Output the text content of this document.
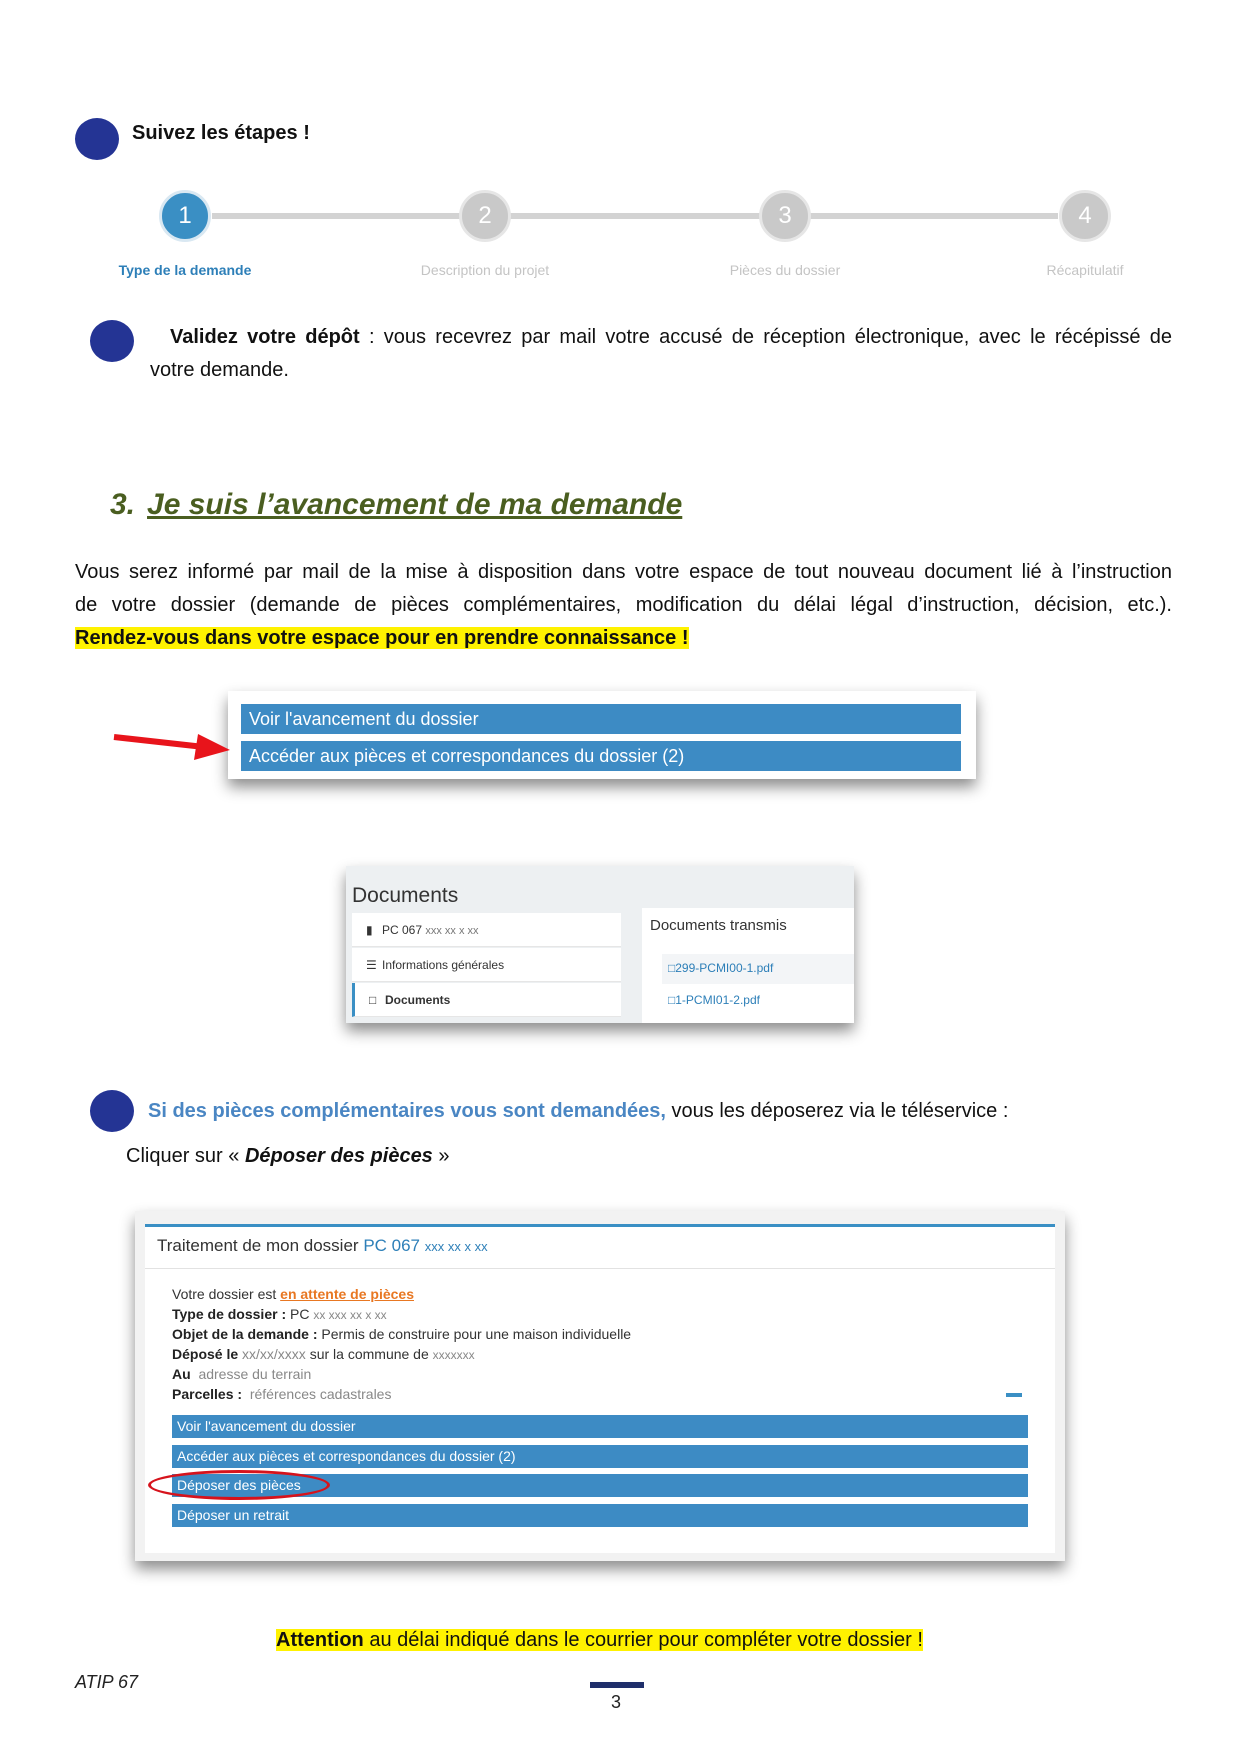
Suivez les étapes !
1	2	3	4
Type de la demande	Description du projet	Pièces du dossier	Récapitulatif
Validez votre dépôt : vous recevrez par mail votre accusé de réception électronique, avec le récépissé de
votre demande.
3. Je suis l’avancement de ma demande
Vous serez informé par mail de la mise à disposition dans votre espace de tout nouveau document lié à l’instruction
de votre dossier (demande de pièces complémentaires, modification du délai légal d’instruction, décision, etc.).
Rendez-vous dans votre espace pour en prendre connaissance !
Voir l'avancement du dossier
Accéder aux pièces et correspondances du dossier (2)
Documents
▮ PC 067 xxx xx x xx
☰ Informations générales
□ Documents
Documents transmis
□299-PCMI00-1.pdf
□1-PCMI01-2.pdf
Si des pièces complémentaires vous sont demandées, vous les déposerez via le téléservice :
Cliquer sur « Déposer des pièces »
Traitement de mon dossier PC 067 xxx xx x xx
Votre dossier est en attente de pièces
Type de dossier : PC xx xxx xx x xx
Objet de la demande : Permis de construire pour une maison individuelle
Déposé le xx/xx/xxxx sur la commune de xxxxxxx
Au  adresse du terrain
Parcelles :  références cadastrales
Voir l'avancement du dossier
Accéder aux pièces et correspondances du dossier (2)
Déposer des pièces
Déposer un retrait
Attention au délai indiqué dans le courrier pour compléter votre dossier !
ATIP 67
3
